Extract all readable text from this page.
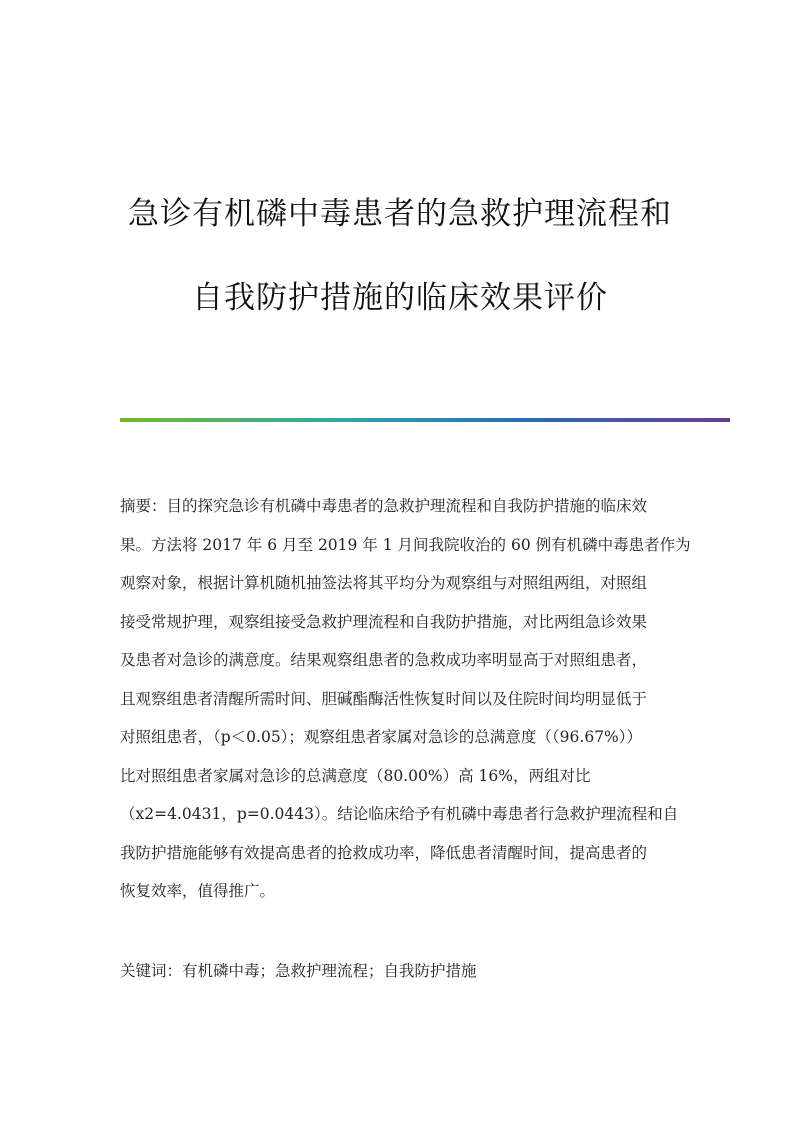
急诊有机磷中毒患者的急救护理流程和
自我防护措施的临床效果评价
摘要：目的探究急诊有机磷中毒患者的急救护理流程和自我防护措施的临床效
果。方法将 2017 年 6 月至 2019 年 1 月间我院收治的 60 例有机磷中毒患者作为
观察对象，根据计算机随机抽签法将其平均分为观察组与对照组两组，对照组
接受常规护理，观察组接受急救护理流程和自我防护措施，对比两组急诊效果
及患者对急诊的满意度。结果观察组患者的急救成功率明显高于对照组患者，
且观察组患者清醒所需时间、胆碱酯酶活性恢复时间以及住院时间均明显低于
对照组患者，（p＜0.05）；观察组患者家属对急诊的总满意度（（96.67%））
比对照组患者家属对急诊的总满意度（80.00%）高 16%，两组对比
（x2=4.0431，p=0.0443）。结论临床给予有机磷中毒患者行急救护理流程和自
我防护措施能够有效提高患者的抢救成功率，降低患者清醒时间，提高患者的
恢复效率，值得推广。
关键词：有机磷中毒；急救护理流程；自我防护措施
